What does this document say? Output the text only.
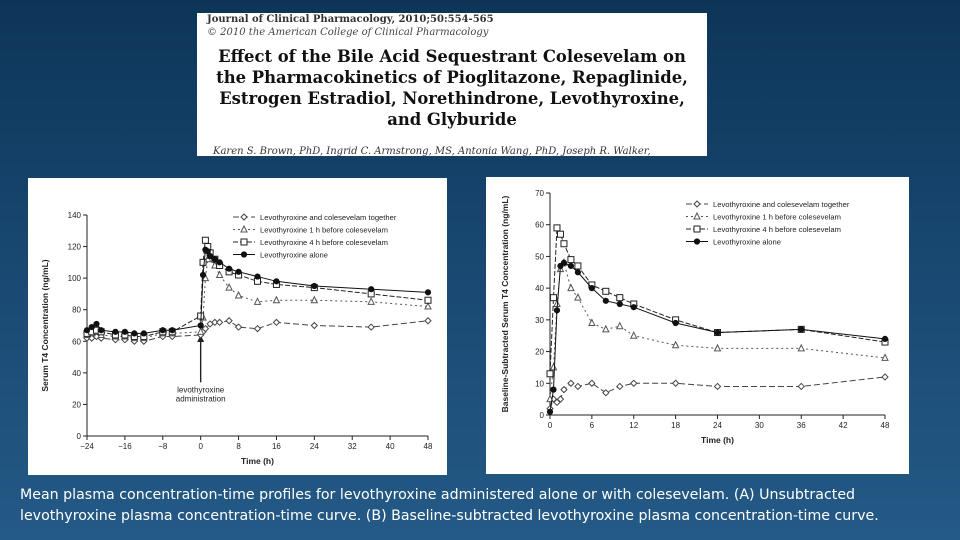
Journal of Clinical Pharmacology, 2010;50:554-565
© 2010 the American College of Clinical Pharmacology
Effect of the Bile Acid Sequestrant Colesevelam on the Pharmacokinetics of Pioglitazone, Repaglinide, Estrogen Estradiol, Norethindrone, Levothyroxine, and Glyburide
Karen S. Brown, PhD, Ingrid C. Armstrong, MS, Antonia Wang, PhD, Joseph R. Walker,
−24	−16	−8	0	8	16	24	32	40	48
0
20
40
60
80
100
120
140
Time (h)
Serum T4 Concentration (ng/mL)	levothyroxine
administration
Levothyroxine and colesevelam together
Levothyroxine 1 h before colesevelam
Levothyroxine 4 h before colesevelam
Levothyroxine alone
0	6	12	18	24	30	36	42	48
0
10
20
30
40
50
60
70
Time (h)
Baseline-Subtracted Serum T4 Concentration (ng/mL)	Levothyroxine and colesevelam together
Levothyroxine 1 h before colesevelam
Levothyroxine 4 h before colesevelam
Levothyroxine alone

Mean plasma concentration-time profiles for levothyroxine administered alone or with colesevelam. (A) Unsubtracted levothyroxine plasma concentration-time curve. (B) Baseline-subtracted levothyroxine plasma concentration-time curve.
